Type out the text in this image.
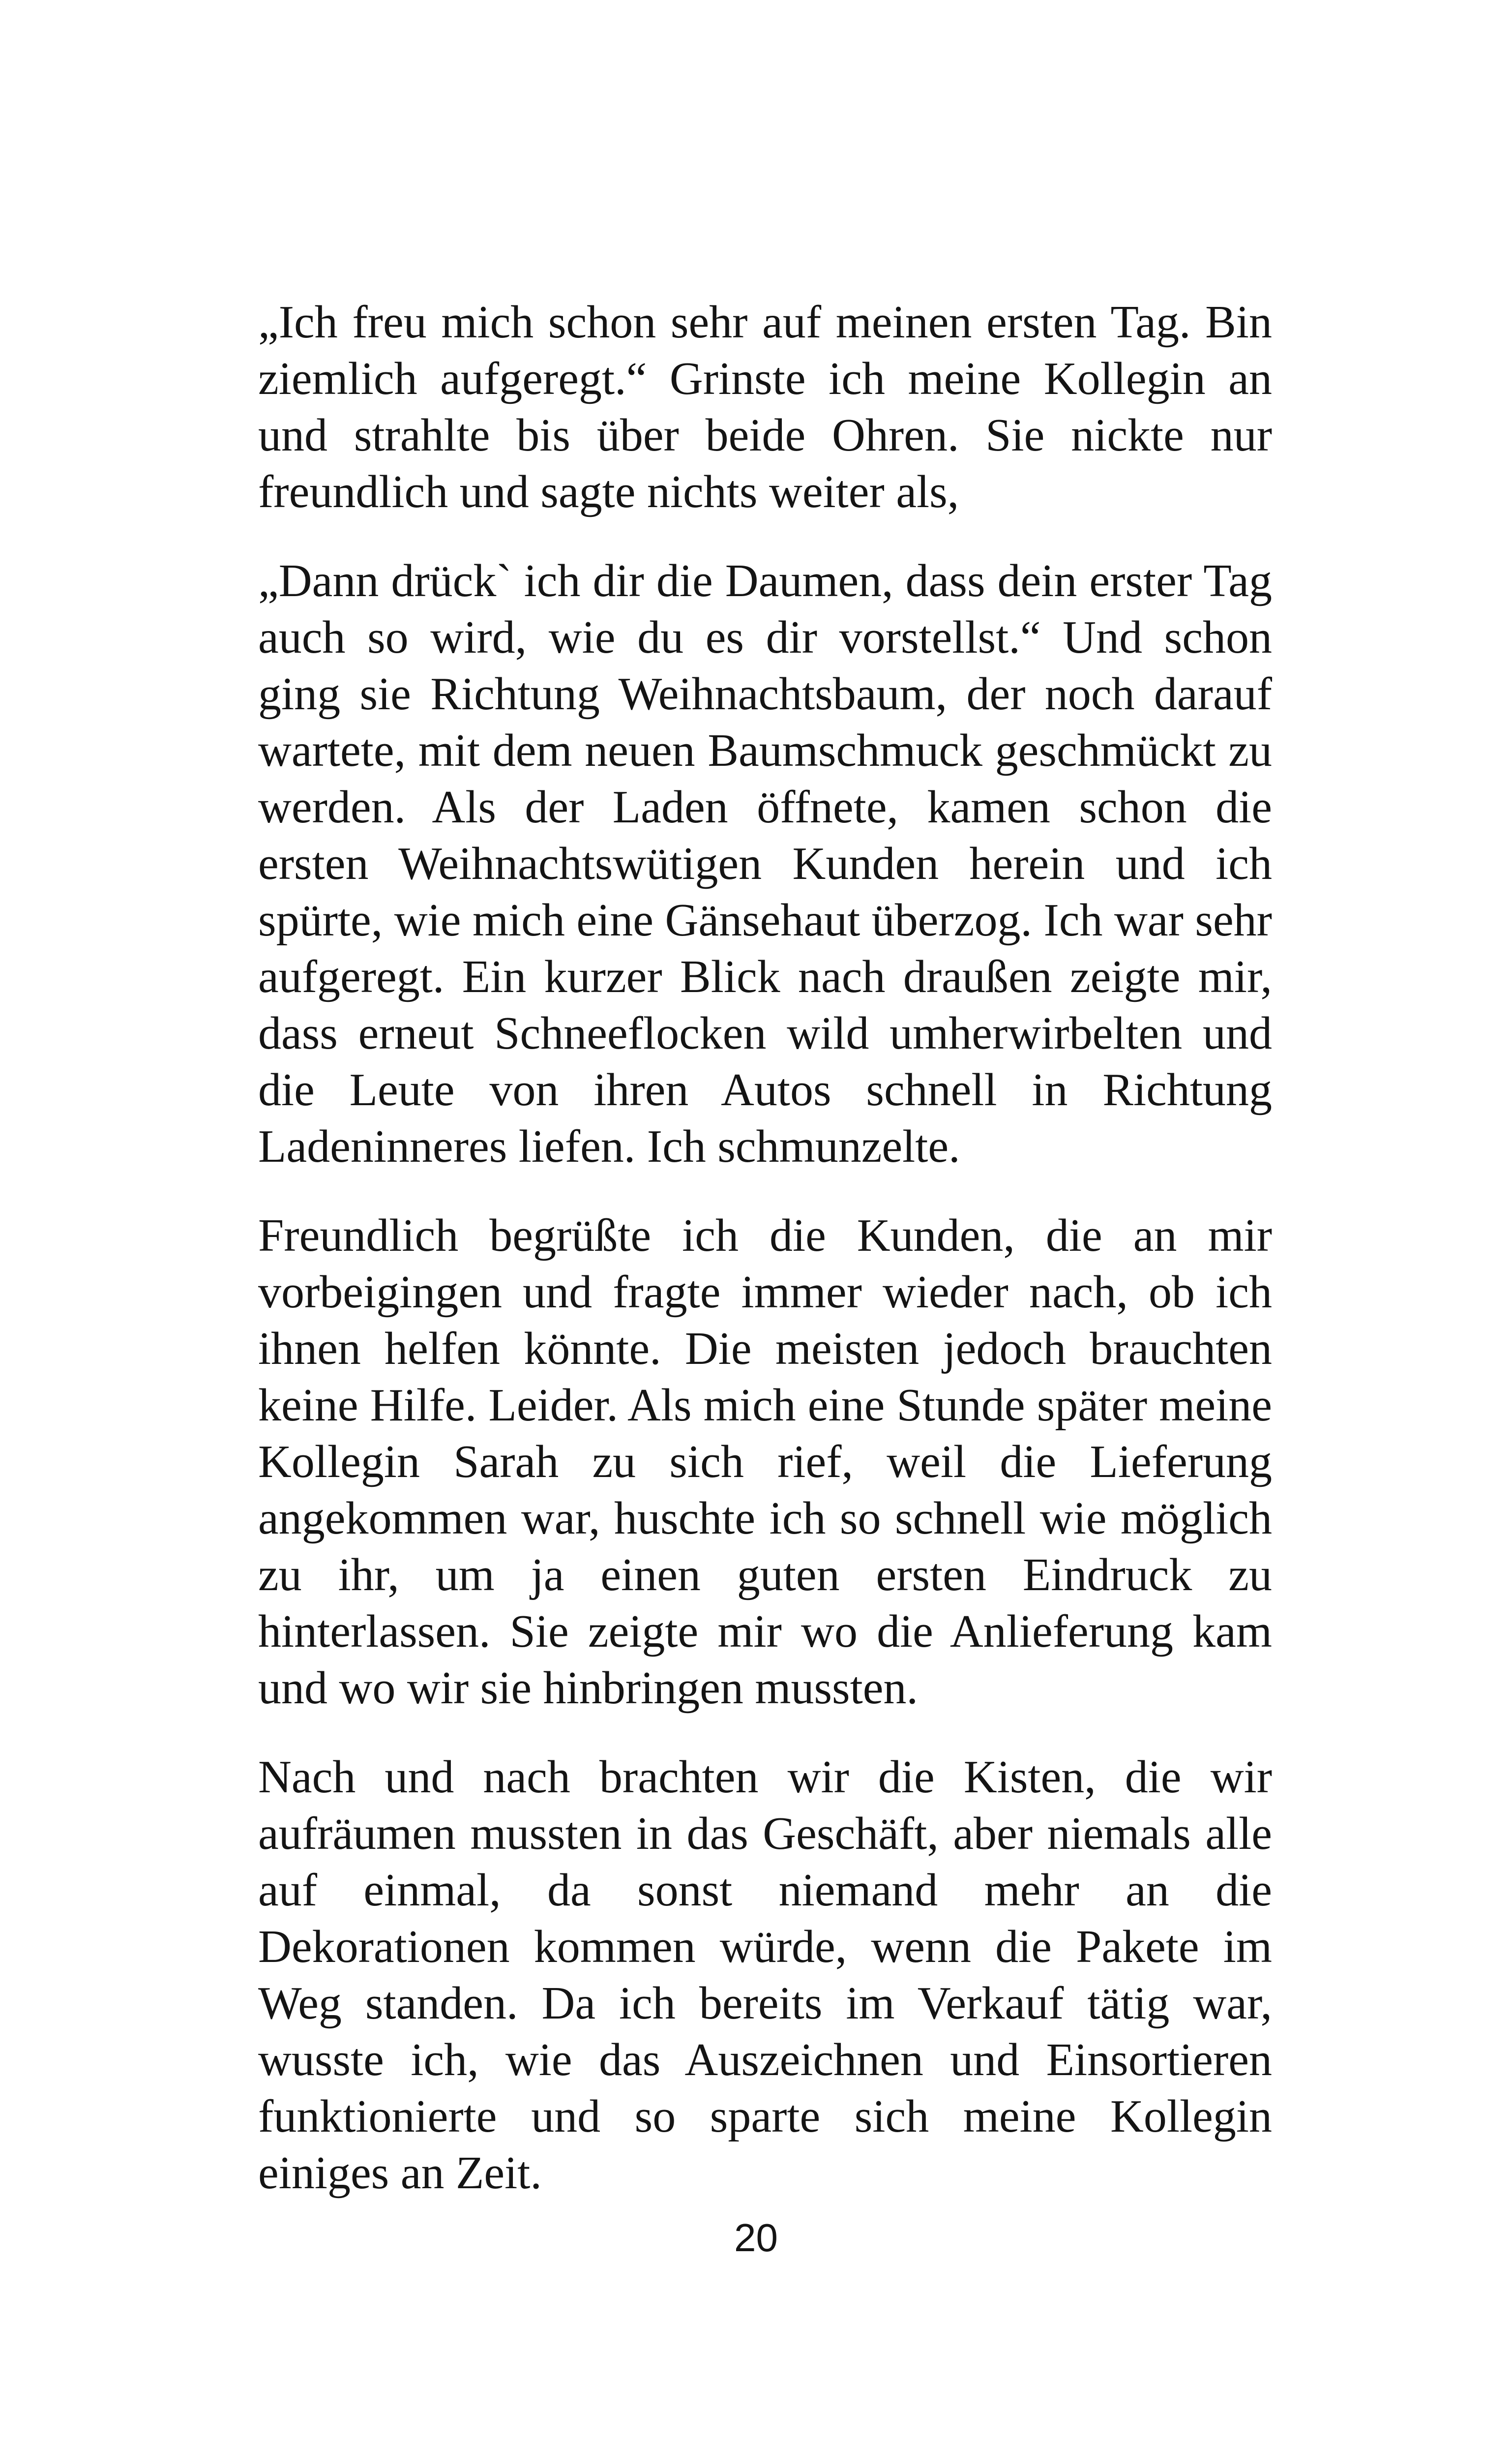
„Ich freu mich schon sehr auf meinen ersten Tag. Bin ziemlich aufgeregt.“ Grinste ich meine Kollegin an und strahlte bis über beide Ohren. Sie nickte nur freundlich und sagte nichts weiter als,

„Dann drück` ich dir die Daumen, dass dein erster Tag auch so wird, wie du es dir vorstellst.“ Und schon ging sie Richtung Weihnachtsbaum, der noch darauf wartete, mit dem neuen Baumschmuck geschmückt zu werden. Als der Laden öffnete, kamen schon die ersten Weihnachtswütigen Kunden herein und ich spürte, wie mich eine Gänsehaut überzog. Ich war sehr aufgeregt. Ein kurzer Blick nach draußen zeigte mir, dass erneut Schneeflocken wild umherwirbelten und die Leute von ihren Autos schnell in Richtung Ladeninneres liefen. Ich schmunzelte.

Freundlich begrüßte ich die Kunden, die an mir vorbeigingen und fragte immer wieder nach, ob ich ihnen helfen könnte. Die meisten jedoch brauchten keine Hilfe. Leider. Als mich eine Stunde später meine Kollegin Sarah zu sich rief, weil die Lieferung angekommen war, huschte ich so schnell wie möglich zu ihr, um ja einen guten ersten Eindruck zu hinterlassen. Sie zeigte mir wo die Anlieferung kam und wo wir sie hinbringen mussten.

Nach und nach brachten wir die Kisten, die wir aufräumen mussten in das Geschäft, aber niemals alle auf einmal, da sonst niemand mehr an die Dekorationen kommen würde, wenn die Pakete im Weg standen. Da ich bereits im Verkauf tätig war, wusste ich, wie das Auszeichnen und Einsortieren funktionierte und so sparte sich meine Kollegin einiges an Zeit.

20
